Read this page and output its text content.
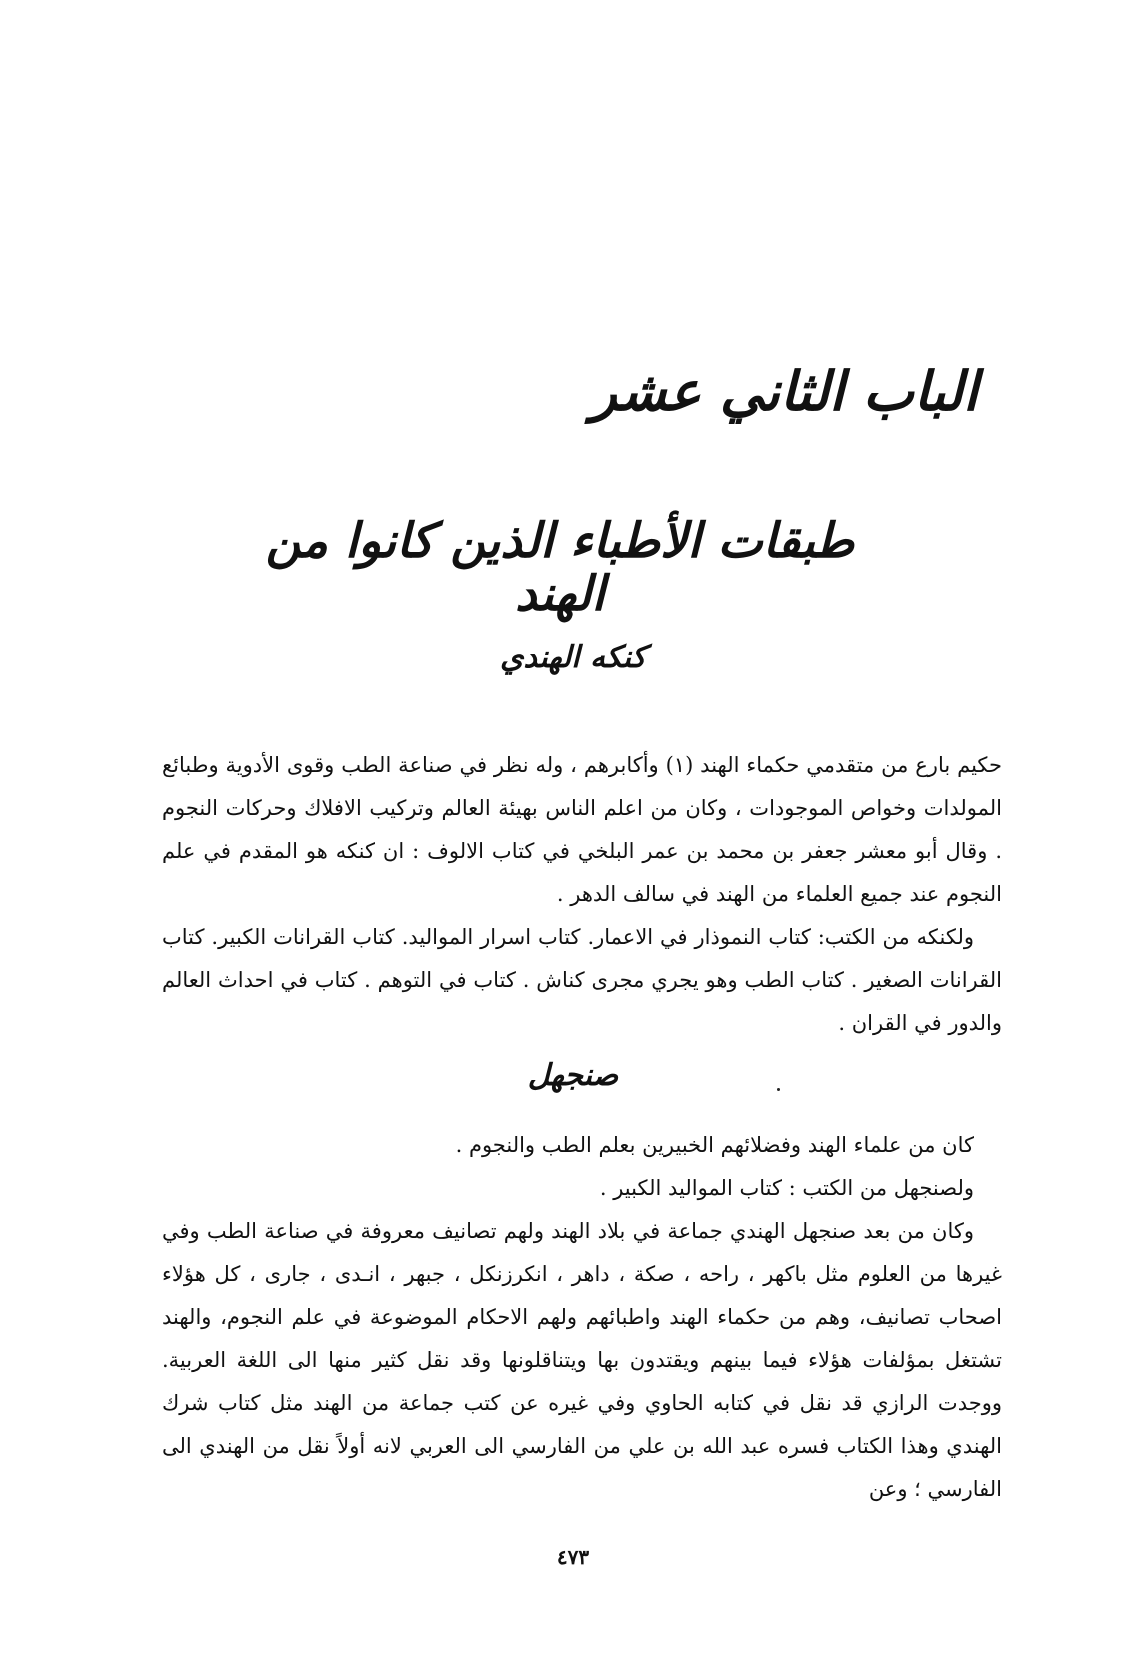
الباب الثاني عشر
طبقات الأطباء الذين كانوا من الهند
كنكه الهندي

حكيم بارع من متقدمي حكماء الهند (١) وأكابرهم ، وله نظر في صناعة الطب وقوى الأدوية وطبائع المولدات وخواص الموجودات ، وكان من اعلم الناس بهيئة العالم وتركيب الافلاك وحركات النجوم . وقال أبو معشر جعفر بن محمد بن عمر البلخي في كتاب الالوف : ان كنكه هو المقدم في علم النجوم عند جميع العلماء من الهند في سالف الدهر .

ولكنكه من الكتب: كتاب النموذار في الاعمار. كتاب اسرار المواليد. كتاب القرانات الكبير. كتاب القرانات الصغير . كتاب الطب وهو يجري مجرى كناش . كتاب في التوهم . كتاب في احداث العالم والدور في القران .

صنجهل

كان من علماء الهند وفضلائهم الخبيرين بعلم الطب والنجوم .

ولصنجهل من الكتب : كتاب المواليد الكبير .

وكان من بعد صنجهل الهندي جماعة في بلاد الهند ولهم تصانيف معروفة في صناعة الطب وفي غيرها من العلوم مثل باكهر ، راحه ، صكة ، داهر ، انكرزنكل ، جبهر ، انـدى ، جارى ، كل هؤلاء اصحاب تصانيف، وهم من حكماء الهند واطبائهم ولهم الاحكام الموضوعة في علم النجوم، والهند تشتغل بمؤلفات هؤلاء فيما بينهم ويقتدون بها ويتناقلونها وقد نقل كثير منها الى اللغة العربية. ووجدت الرازي قد نقل في كتابه الحاوي وفي غيره عن كتب جماعة من الهند مثل كتاب شرك الهندي وهذا الكتاب فسره عبد الله بن علي من الفارسي الى العربي لانه أولاً نقل من الهندي الى الفارسي ؛ وعن

٤٧٣
